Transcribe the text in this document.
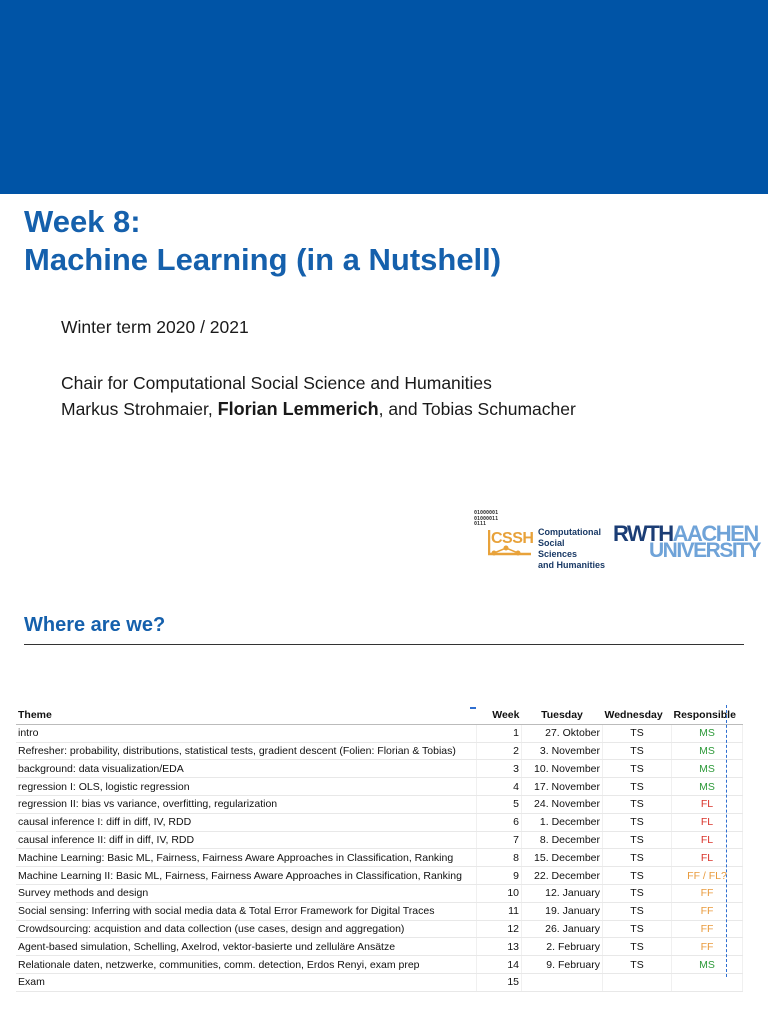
Week 8:
Machine Learning (in a Nutshell)
Winter term 2020 / 2021
Chair for Computational Social Science and Humanities
Markus Strohmaier, Florian Lemmerich, and Tobias Schumacher
01000001
01000011
0111
CSSH Computational
Social Sciences
and Humanities
RWTHAACHEN
UNIVERSITY
Where are we?
Theme	Week	Tuesday	Wednesday	Responsible
intro	1	27. Oktober	TS	MS
Refresher: probability, distributions, statistical tests, gradient descent (Folien: Florian & Tobias)	2	3. November	TS	MS
background: data visualization/EDA	3	10. November	TS	MS
regression I: OLS, logistic regression	4	17. November	TS	MS
regression II: bias vs variance, overfitting, regularization	5	24. November	TS	FL
causal inference I: diff in diff, IV, RDD	6	1. December	TS	FL
causal inference II: diff in diff, IV, RDD	7	8. December	TS	FL
Machine Learning: Basic ML, Fairness, Fairness Aware Approaches in Classification, Ranking	8	15. December	TS	FL
Machine Learning II: Basic ML, Fairness, Fairness Aware Approaches in Classification, Ranking	9	22. December	TS	FF / FL?
Survey methods and design	10	12. January	TS	FF
Social sensing: Inferring with social media data & Total Error Framework for Digital Traces	11	19. January	TS	FF
Crowdsourcing: acquistion and data collection (use cases, design and aggregation)	12	26. January	TS	FF
Agent-based simulation, Schelling, Axelrod, vektor-basierte und zelluläre Ansätze	13	2. February	TS	FF
Relationale daten, netzwerke, communities, comm. detection, Erdos Renyi, exam prep	14	9. February	TS	MS
Exam	15			
